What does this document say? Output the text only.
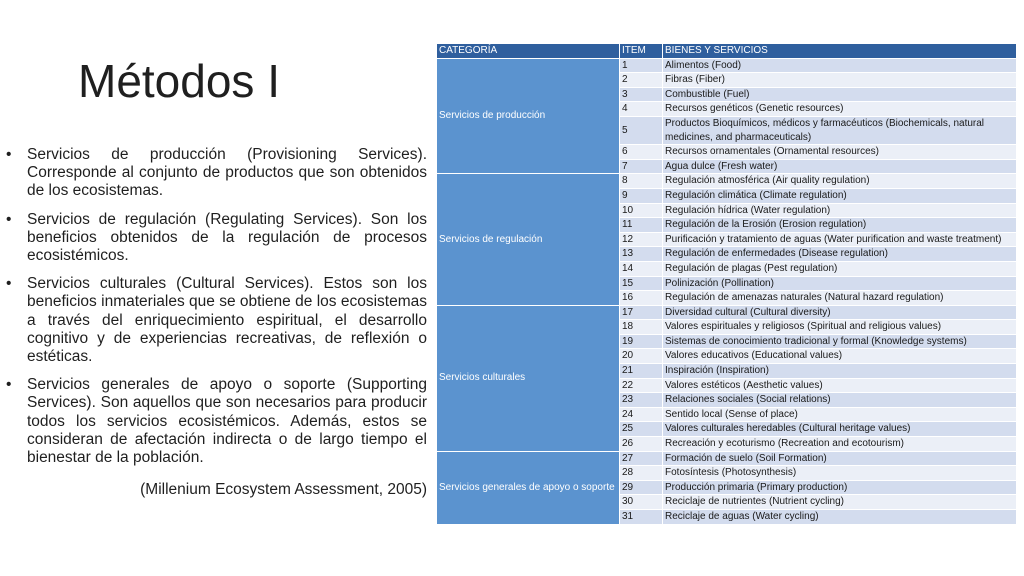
Métodos I
• Servicios de producción (Provisioning Services). Corresponde al conjunto de productos que son obtenidos de los ecosistemas.
• Servicios de regulación (Regulating Services). Son los beneficios obtenidos de la regulación de procesos ecosistémicos.
• Servicios culturales (Cultural Services). Estos son los beneficios inmateriales que se obtiene de los ecosistemas a través del enriquecimiento espiritual, el desarrollo cognitivo y de experiencias recreativas, de reflexión o estéticas.
• Servicios generales de apoyo o soporte (Supporting Services). Son aquellos que son necesarios para producir todos los servicios ecosistémicos. Además, estos se consideran de afectación indirecta o de largo tiempo el bienestar de la población.
(Millenium Ecosystem Assessment, 2005)
CATEGORÍA	ITEM	BIENES Y SERVICIOS
Servicios de producción	1	Alimentos (Food)
	2	Fibras (Fiber)
	3	Combustible (Fuel)
	4	Recursos genéticos (Genetic resources)
	5	Productos Bioquímicos, médicos y farmacéuticos (Biochemicals, natural medicines, and pharmaceuticals)
	6	Recursos ornamentales (Ornamental resources)
	7	Agua dulce (Fresh water)
Servicios de regulación	8	Regulación atmosférica (Air quality regulation)
	9	Regulación climática (Climate regulation)
	10	Regulación hídrica (Water regulation)
	11	Regulación de la Erosión (Erosion regulation)
	12	Purificación y tratamiento de aguas (Water purification and waste treatment)
	13	Regulación de enfermedades (Disease regulation)
	14	Regulación de plagas (Pest regulation)
	15	Polinización (Pollination)
	16	Regulación de amenazas naturales (Natural hazard regulation)
Servicios culturales	17	Diversidad cultural (Cultural diversity)
	18	Valores espirituales y religiosos (Spiritual and religious values)
	19	Sistemas de conocimiento tradicional y formal (Knowledge systems)
	20	Valores educativos (Educational values)
	21	Inspiración (Inspiration)
	22	Valores estéticos (Aesthetic values)
	23	Relaciones sociales (Social relations)
	24	Sentido local (Sense of place)
	25	Valores culturales heredables (Cultural heritage values)
	26	Recreación y ecoturismo (Recreation and ecotourism)
Servicios generales de apoyo o soporte	27	Formación de suelo (Soil Formation)
	28	Fotosíntesis (Photosynthesis)
	29	Producción primaria (Primary production)
	30	Reciclaje de nutrientes (Nutrient cycling)
	31	Reciclaje de aguas (Water cycling)
